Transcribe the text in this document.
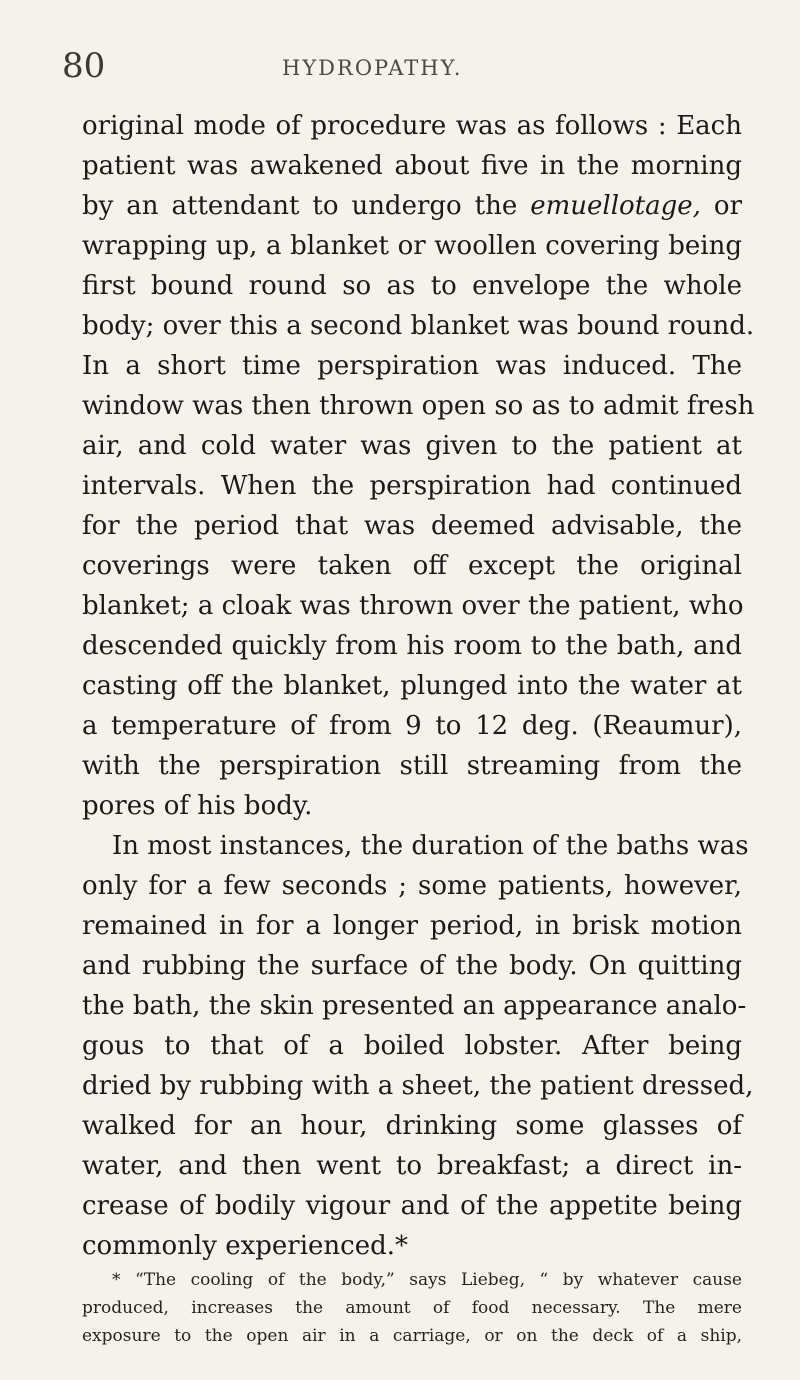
80	HYDROPATHY.
original mode of procedure was as follows : Each
patient was awakened about five in the morning
by an attendant to undergo the emuellotage, or
wrapping up, a blanket or woollen covering being
first bound round so as to envelope the whole
body; over this a second blanket was bound round.
In a short time perspiration was induced. The
window was then thrown open so as to admit fresh
air, and cold water was given to the patient at
intervals. When the perspiration had continued
for the period that was deemed advisable, the
coverings were taken off except the original
blanket; a cloak was thrown over the patient, who
descended quickly from his room to the bath, and
casting off the blanket, plunged into the water at
a temperature of from 9 to 12 deg. (Reaumur),
with the perspiration still streaming from the
pores of his body.
In most instances, the duration of the baths was
only for a few seconds ; some patients, however,
remained in for a longer period, in brisk motion
and rubbing the surface of the body. On quitting
the bath, the skin presented an appearance analo-
gous to that of a boiled lobster. After being
dried by rubbing with a sheet, the patient dressed,
walked for an hour, drinking some glasses of
water, and then went to breakfast; a direct in-
crease of bodily vigour and of the appetite being
commonly experienced.*
* “The cooling of the body,” says Liebeg, “ by whatever cause
produced, increases the amount of food necessary. The mere
exposure to the open air in a carriage, or on the deck of a ship,
